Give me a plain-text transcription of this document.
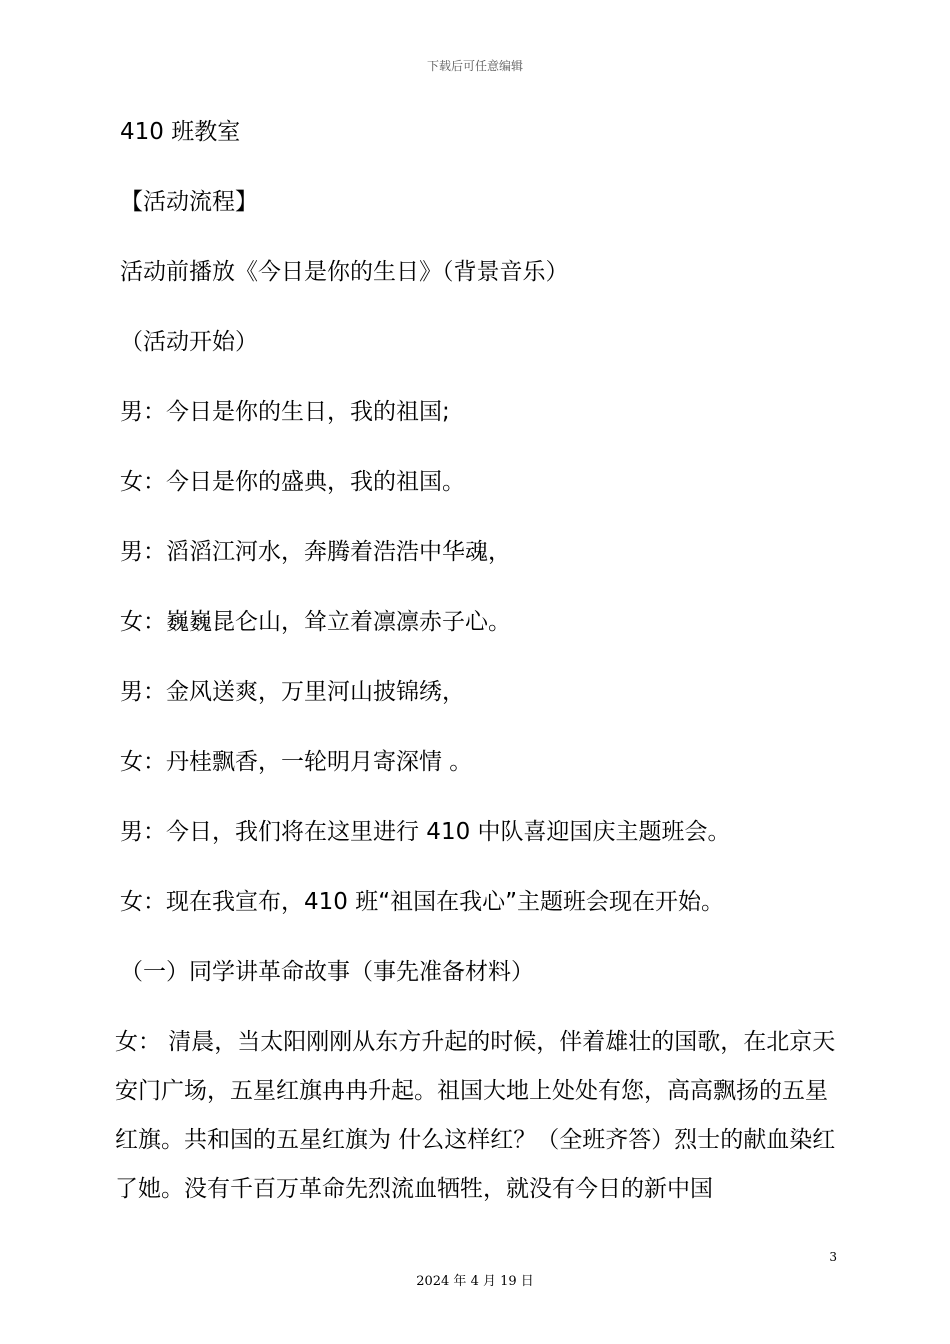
下载后可任意编辑
410 班教室
【活动流程】
活动前播放《今日是你的生日》（背景音乐）
（活动开始）
男：今日是你的生日，我的祖国;
女：今日是你的盛典，我的祖国。
男：滔滔江河水，奔腾着浩浩中华魂，
女：巍巍昆仑山，耸立着凛凛赤子心。
男：金风送爽，万里河山披锦绣，
女：丹桂飘香，一轮明月寄深情 。
男：今日，我们将在这里进行 410 中队喜迎国庆主题班会。
女：现在我宣布，410 班“祖国在我心”主题班会现在开始。
（一）同学讲革命故事（事先准备材料）
女： 清晨，当太阳刚刚从东方升起的时候，伴着雄壮的国歌，在北京天安门广场，五星红旗冉冉升起。祖国大地上处处有您，高高飘扬的五星红旗。共和国的五星红旗为 什么这样红？（全班齐答）烈士的献血染红了她。没有千百万革命先烈流血牺牲，就没有今日的新中国
3
2024 年 4 月 19 日
